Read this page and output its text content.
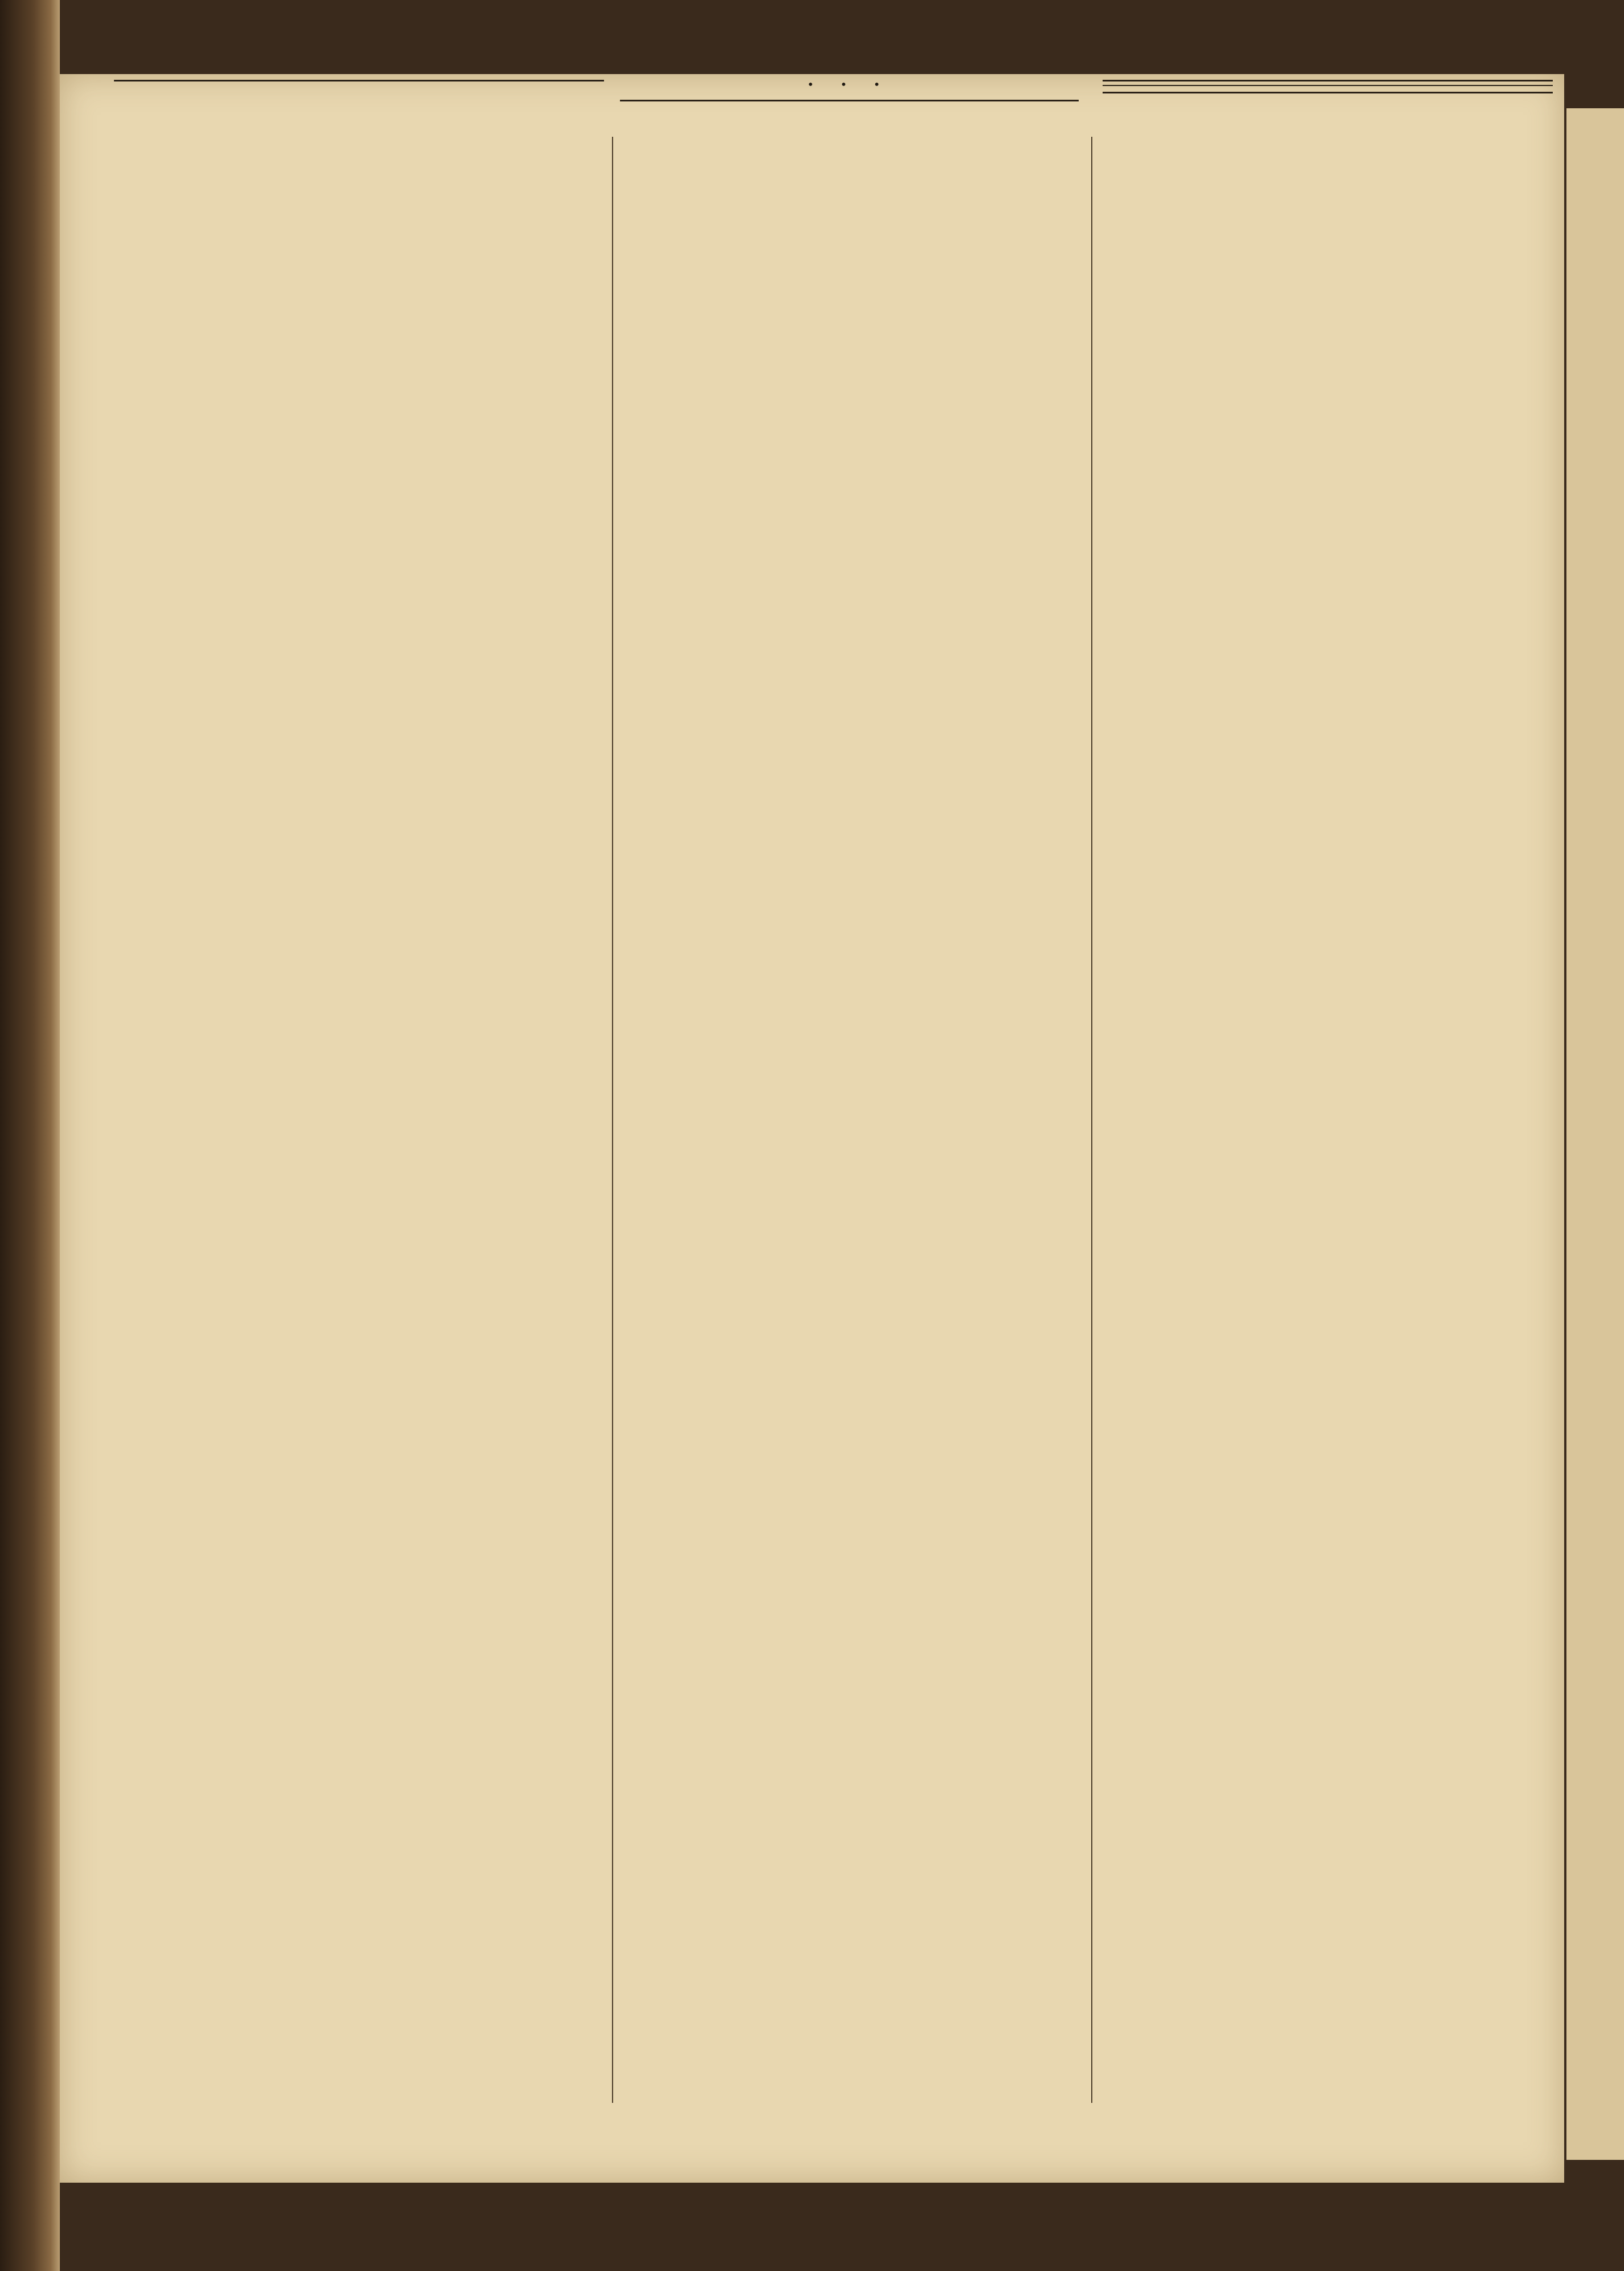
• • •
